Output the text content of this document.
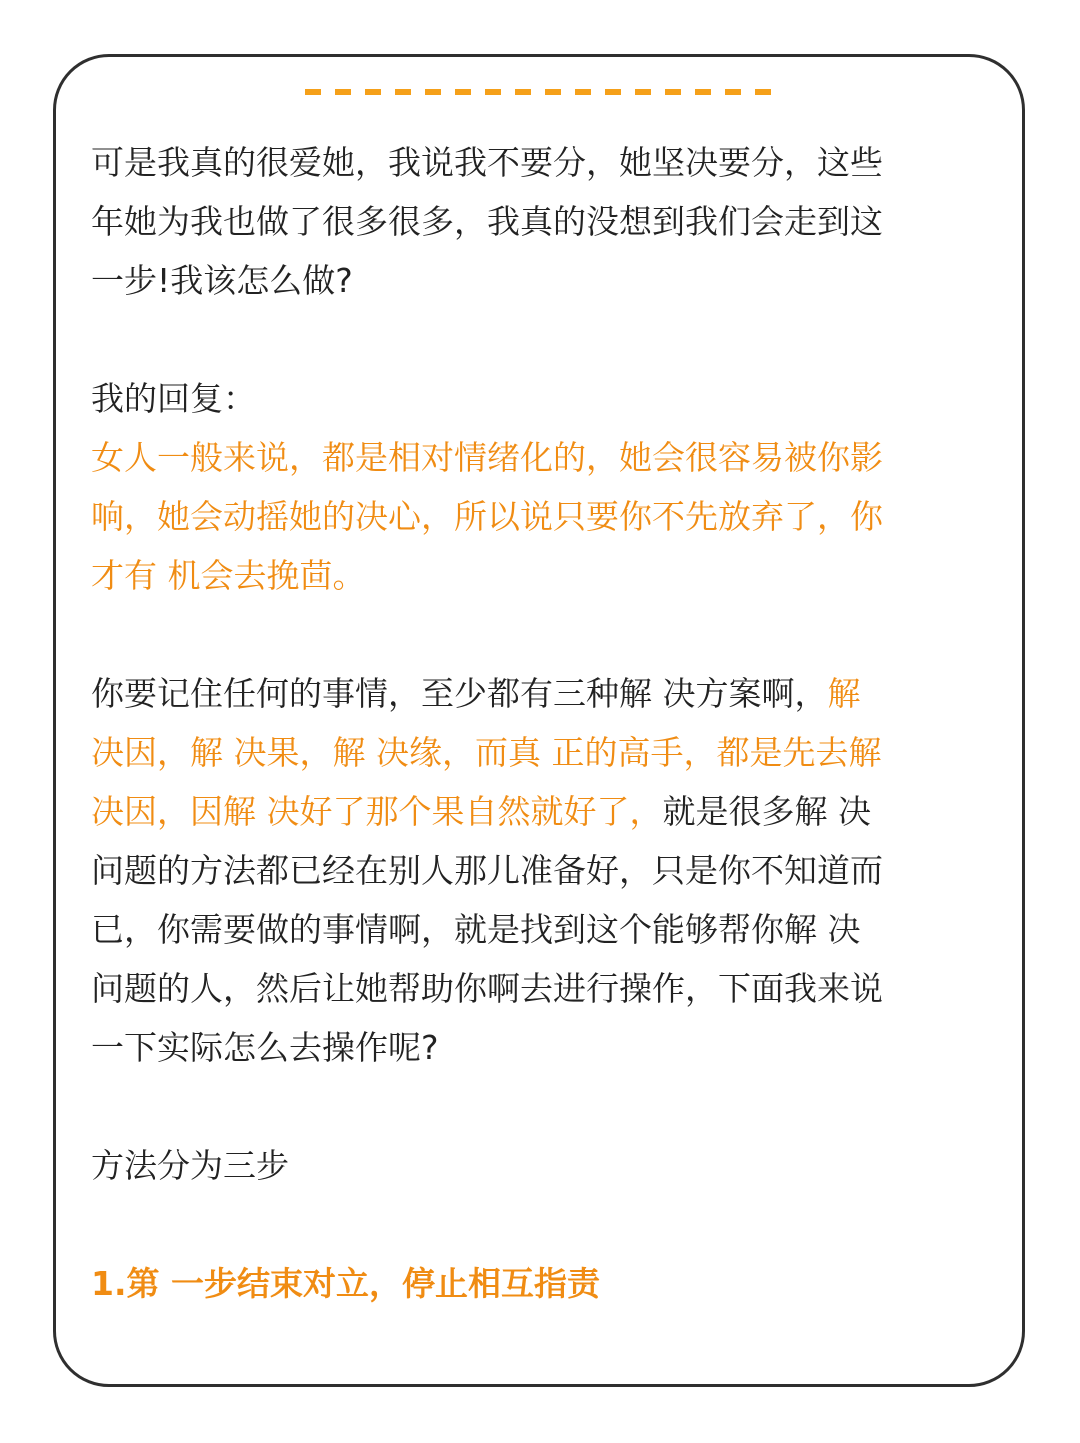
可是我真的很爱她，我说我不要分，她坚决要分，这些
年她为我也做了很多很多，我真的没想到我们会走到这
一步!我该怎么做?
我的回复：
女人一般来说，都是相对情绪化的，她会很容易被你影
响，她会动摇她的决心，所以说只要你不先放弃了，你
才有 机会去挽茴。
你要记住任何的事情，至少都有三种解 决方案啊，解
决因，解 决果，解 决缘，而真 正的高手，都是先去解
决因，因解 决好了那个果自然就好了，就是很多解 决
问题的方法都已经在别人那儿准备好，只是你不知道而
已，你需要做的事情啊，就是找到这个能够帮你解 决
问题的人，然后让她帮助你啊去进行操作，下面我来说
一下实际怎么去操作呢?
方法分为三步
1.第 一步结束对立，停止相互指责
